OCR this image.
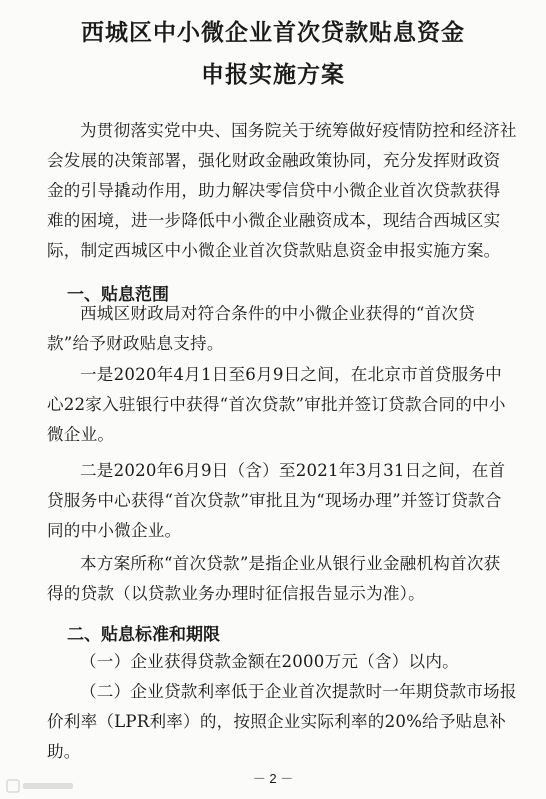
西城区中小微企业首次贷款贴息资金
申报实施方案
为贯彻落实党中央、国务院关于统筹做好疫情防控和经济社会发展的决策部署，强化财政金融政策协同，充分发挥财政资金的引导撬动作用，助力解决零信贷中小微企业首次贷款获得难的困境，进一步降低中小微企业融资成本，现结合西城区实际，制定西城区中小微企业首次贷款贴息资金申报实施方案。
一、贴息范围
西城区财政局对符合条件的中小微企业获得的“首次贷款”给予财政贴息支持。
一是2020年4月1日至6月9日之间，在北京市首贷服务中心22家入驻银行中获得“首次贷款”审批并签订贷款合同的中小微企业。
二是2020年6月9日（含）至2021年3月31日之间，在首贷服务中心获得“首次贷款”审批且为“现场办理”并签订贷款合同的中小微企业。
本方案所称“首次贷款”是指企业从银行业金融机构首次获得的贷款（以贷款业务办理时征信报告显示为准）。
二、贴息标准和期限
（一）企业获得贷款金额在2000万元（含）以内。
（二）企业贷款利率低于企业首次提款时一年期贷款市场报价利率（LPR利率）的，按照企业实际利率的20%给予贴息补助。
－ 2 －
